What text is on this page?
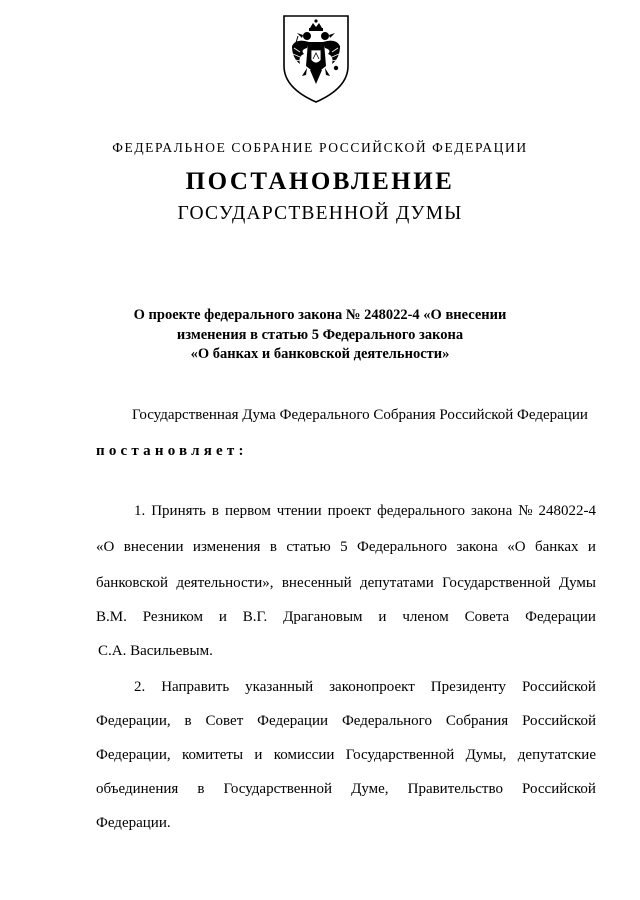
ФЕДЕРАЛЬНОЕ СОБРАНИЕ РОССИЙСКОЙ ФЕДЕРАЦИИ
ПОСТАНОВЛЕНИЕ
ГОСУДАРСТВЕННОЙ ДУМЫ
О проекте федерального закона № 248022-4 «О внесении
изменения в статью 5 Федерального закона
«О банках и банковской деятельности»
Государственная Дума Федерального Собрания Российской Федерации
постановляет:
1. Принять в первом чтении проект федерального закона № 248022-4
«О внесении изменения в статью 5 Федерального закона «О банках и
банковской деятельности», внесенный депутатами Государственной Думы
В.М. Резником и В.Г. Драгановым и членом Совета Федерации
С.А. Васильевым.
2. Направить указанный законопроект Президенту Российской
Федерации, в Совет Федерации Федерального Собрания Российской
Федерации, комитеты и комиссии Государственной Думы, депутатские
объединения в Государственной Думе, Правительство Российской
Федерации.
